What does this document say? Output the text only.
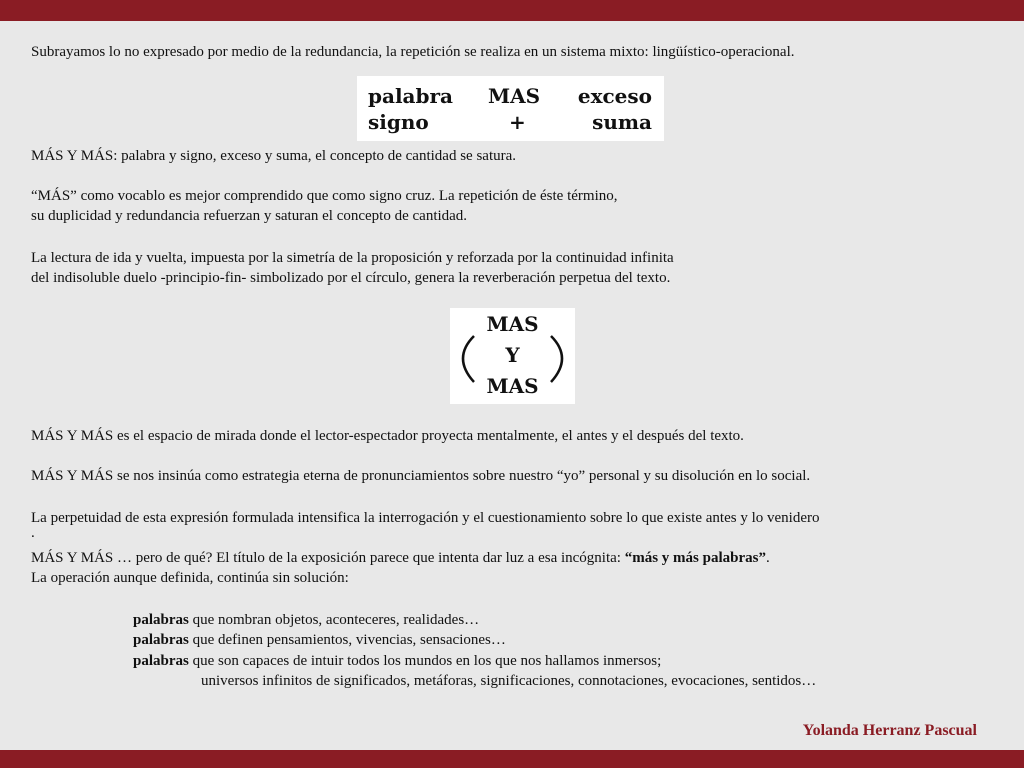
Subrayamos lo no expresado por medio de la redundancia, la repetición se realiza en un sistema mixto: lingüístico-operacional.

palabra MAS exceso
signo	+	suma

MÁS Y MÁS: palabra y signo, exceso y suma, el concepto de cantidad se satura.

“MÁS” como vocablo es mejor comprendido que como signo cruz. La repetición de éste término,

su duplicidad y redundancia refuerzan y saturan el concepto de cantidad.

La lectura de ida y vuelta, impuesta por la simetría de la proposición y reforzada por la continuidad infinita

del indisoluble duelo -principio-fin- simbolizado por el círculo, genera la reverberación perpetua del texto.

MAS
Y
MAS

MÁS Y MÁS es el espacio de mirada donde el lector-espectador proyecta mentalmente, el antes y el después del texto.

MÁS Y MÁS se nos insinúa como estrategia eterna de pronunciamientos sobre nuestro “yo” personal y su disolución en lo social.

La perpetuidad de esta expresión formulada intensifica la interrogación y el cuestionamiento sobre lo que existe antes y lo venidero

.

MÁS Y MÁS … pero de qué? El título de la exposición parece que intenta dar luz a esa incógnita: “más y más palabras”.

La operación aunque definida, continúa sin solución:

palabras que nombran objetos, aconteceres, realidades…

palabras que definen pensamientos, vivencias, sensaciones…

palabras que son capaces de intuir todos los mundos en los que nos hallamos inmersos;

universos infinitos de significados, metáforas, significaciones, connotaciones, evocaciones, sentidos…

Yolanda Herranz Pascual
